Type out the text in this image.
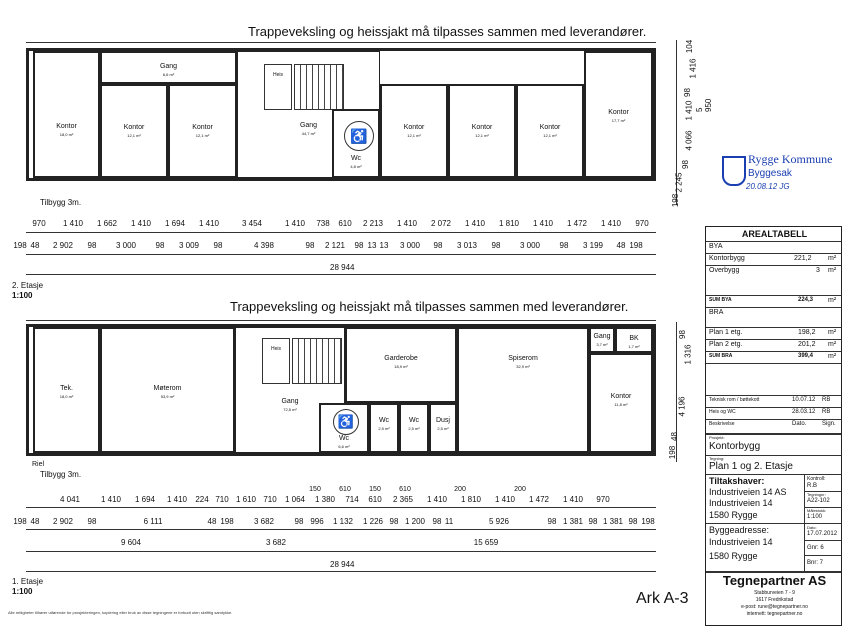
Trappeveksling og heissjakt må tilpasses sammen med leverandører.
Kontor
18,0 m²
Gang
6,6 m²
Kontor
12,1 m²
Kontor
12,1 m²
Heis
Gang
44,7 m²	♿
Wc
4,8 m²
Kontor
12,1 m²
Kontor
12,1 m²
Kontor
12,1 m²
Kontor
17,7 m²
Tilbygg 3m.
970 1 410 1 662 1 410 1 694 1 410	3 454	1 410 738 610 2 213 1 410 2 072 1 410 1 810 1 410 1 472 1 410 970
198 48 2 902 98 3 000 98 3 009 98	4 398	98 2 121 98 13 13 3 000 98 3 013 98 3 000 98 3 199 48 198
28 944
2. Etasje
1:100
104
1 416
98
5 950
1 410
4 066
98
2 245
198
Rygge Kommune
Byggesak
20.08.12 JG
Trappeveksling og heissjakt må tilpasses sammen med leverandører.
Tek.
18,0 m²
Møterom
53,9 m²
Heis
Gang
72,5 m²
Garderobe
18,9 m²
Spiserom
32,9 m²
Gang
3,7 m²
BK
1,7 m²
Kontor
11,8 m²
♿
Wc
6,6 m²
Wc
2,5 m²
Wc
2,5 m²
Dusj
2,5 m²
Riel
Tilbygg 3m.
150	610	150	610	200	200
4 041	1 410 1 694 1 410 224 710 1 610 710 1 064 1 380 714 610 2 365 1 410 1 810 1 410 1 472 1 410 970
198 48 2 902 98	6 111	48 198	3 682	98 996 1 132 1 226 98 1 200 98 11	5 926	98 1 381 98 1 381 98 198
9 604	3 682	15 659
28 944
1. Etasje
1:100
98
1 316
4 196
198
48
Alle rettigheter tilhører utførende for prosjekteringen, kopiering eller bruk av disse tegningene er forbudt uten skriftlig samtykke.
AREALTABELL
BYA
Kontorbygg	221,2 m²
Overbygg	3 m²
SUM BYA	224,3 m²
BRA
Plan 1 etg.	198,2 m²
Plan 2 etg.	201,2 m²
SUM BRA	399,4 m²
Teknisk rom / bøttekott	10.07.12 RB
Heis og WC	28.03.12 RB
Beskrivelse	Dato.	Sign.
Prosjekt:
Kontorbygg
Tegning:
Plan 1 og 2. Etasje
Tiltakshaver:
Industriveien 14 AS
Industriveien 14
1580 Rygge
Kontroll:
R.B
Tegningnr:
A22-102
Målestokk:
1:100
Byggeadresse:
Industriveien 14
1580 Rygge
Dato:
17.07.2012
Gnr: 6
Bnr: 7
Tegnepartner AS
Stabburveien 7 - 9
1617 Fredrikstad
e-post: rune@tegnepartner.no
internett: tegnepartner.no
Ark A-3
